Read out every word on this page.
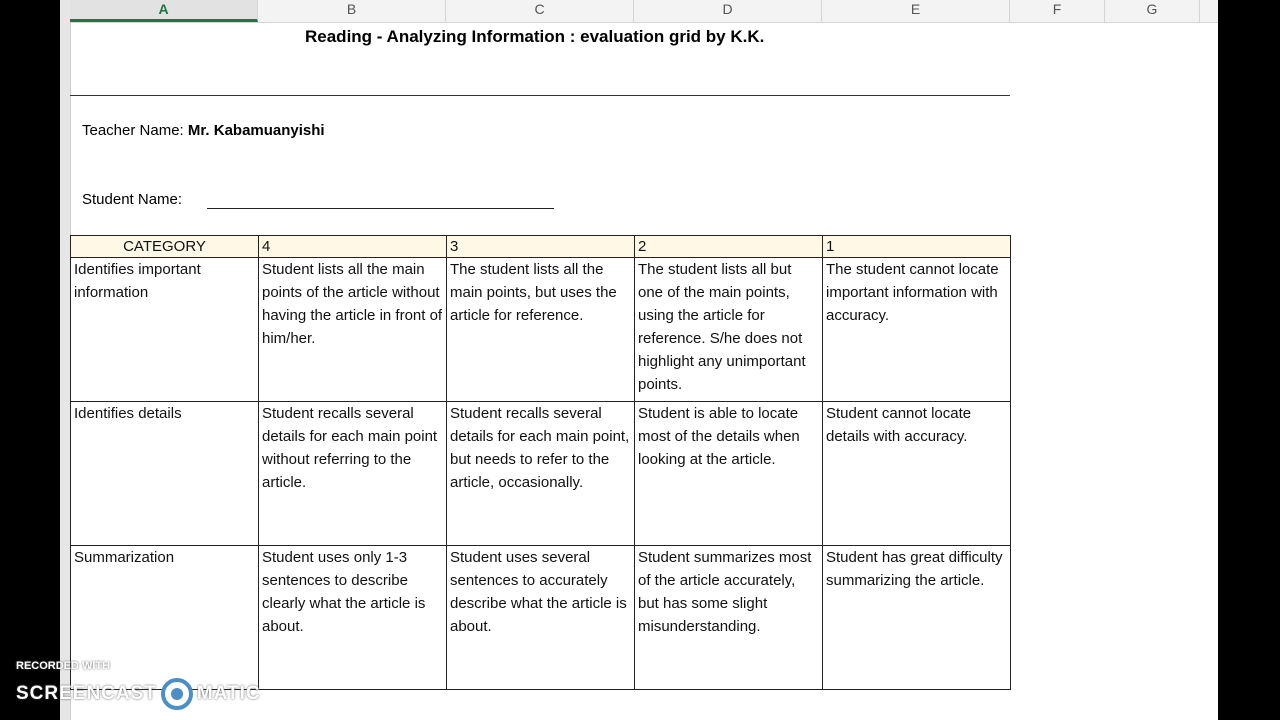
A	B	C	D	E	F	G
Reading - Analyzing Information : evaluation grid by K.K.
Teacher Name: Mr. Kabamuanyishi
Student Name:
CATEGORY	4	3	2	1
Identifies important information	Student lists all the main points of the article without having the article in front of him/her.	The student lists all the main points, but uses the article for reference.	The student lists all but one of the main points, using the article for reference. S/he does not highlight any unimportant points.	The student cannot locate important information with accuracy.
Identifies details	Student recalls several details for each main point without referring to the article.	Student recalls several details for each main point, but needs to refer to the article, occasionally.	Student is able to locate most of the details when looking at the article.	Student cannot locate details with accuracy.
Summarization	Student uses only 1-3 sentences to describe clearly what the article is about.	Student uses several sentences to accurately describe what the article is about.	Student summarizes most of the article accurately, but has some slight misunderstanding.	Student has great difficulty summarizing the article.
RECORDED WITH
SCREENCAST MATIC
